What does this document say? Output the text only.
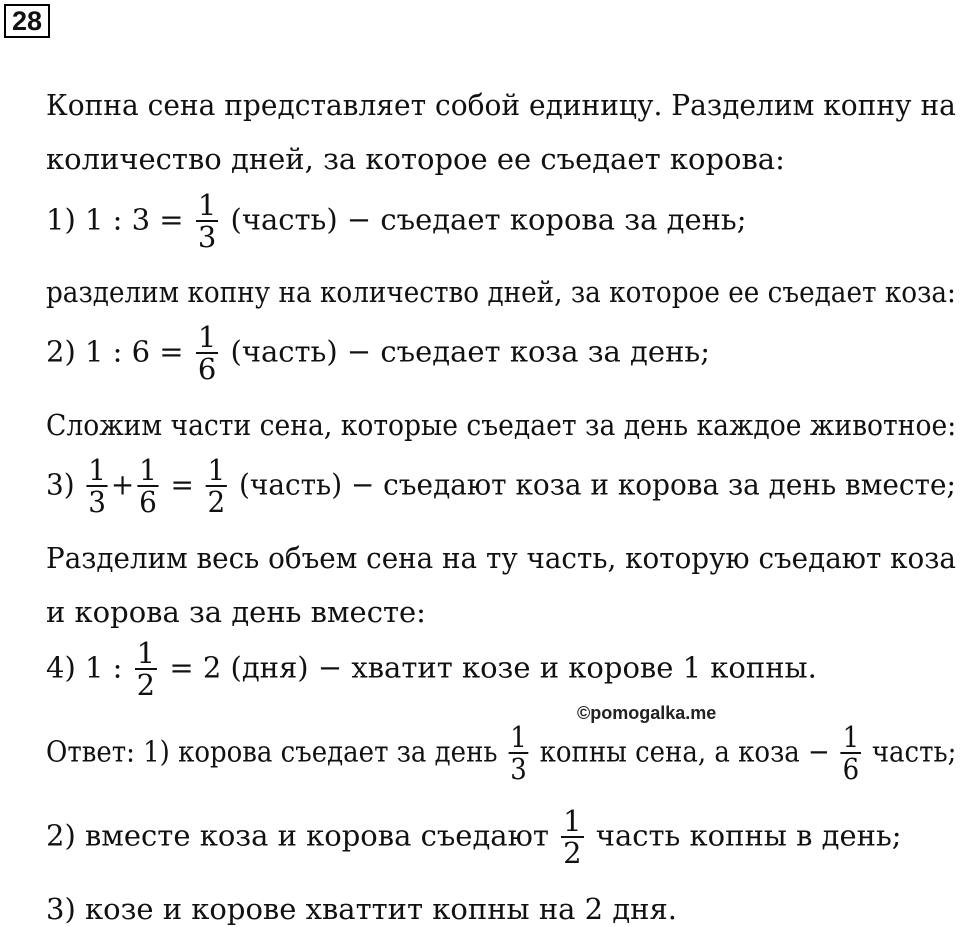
28
Копна сена представляет собой единицу. Разделим копну на
количество дней, за которое ее съедает корова:
1) 1 : $3 = \frac{1}{3}$ (часть) − съедает корова за день;
разделим копну на количество дней, за которое ее съедает коза:
2) 1 : $6 = \frac{1}{6}$ (часть) − съедает коза за день;
Сложим части сена, которые съедает за день каждое животное:
$3) \frac{1}{3} + \frac{1}{6} = \frac{1}{2}$ (часть) − съедают коза и корова за день вместе;
Разделим весь объем сена на ту часть, которую съедают коза
и корова за день вместе:
4) 1 : $\frac{1}{2} = 2$ (дня) − хватит козе и корове 1 копны.
©pomogalka.me
Ответ: 1) корова съедает за день $\frac{1}{3}$ копны сена, а коза − $\frac{1}{6}$ часть;
2) вместе коза и корова съедают $\frac{1}{2}$ часть копны в день;
3) козе и корове хваттит копны на 2 дня.
